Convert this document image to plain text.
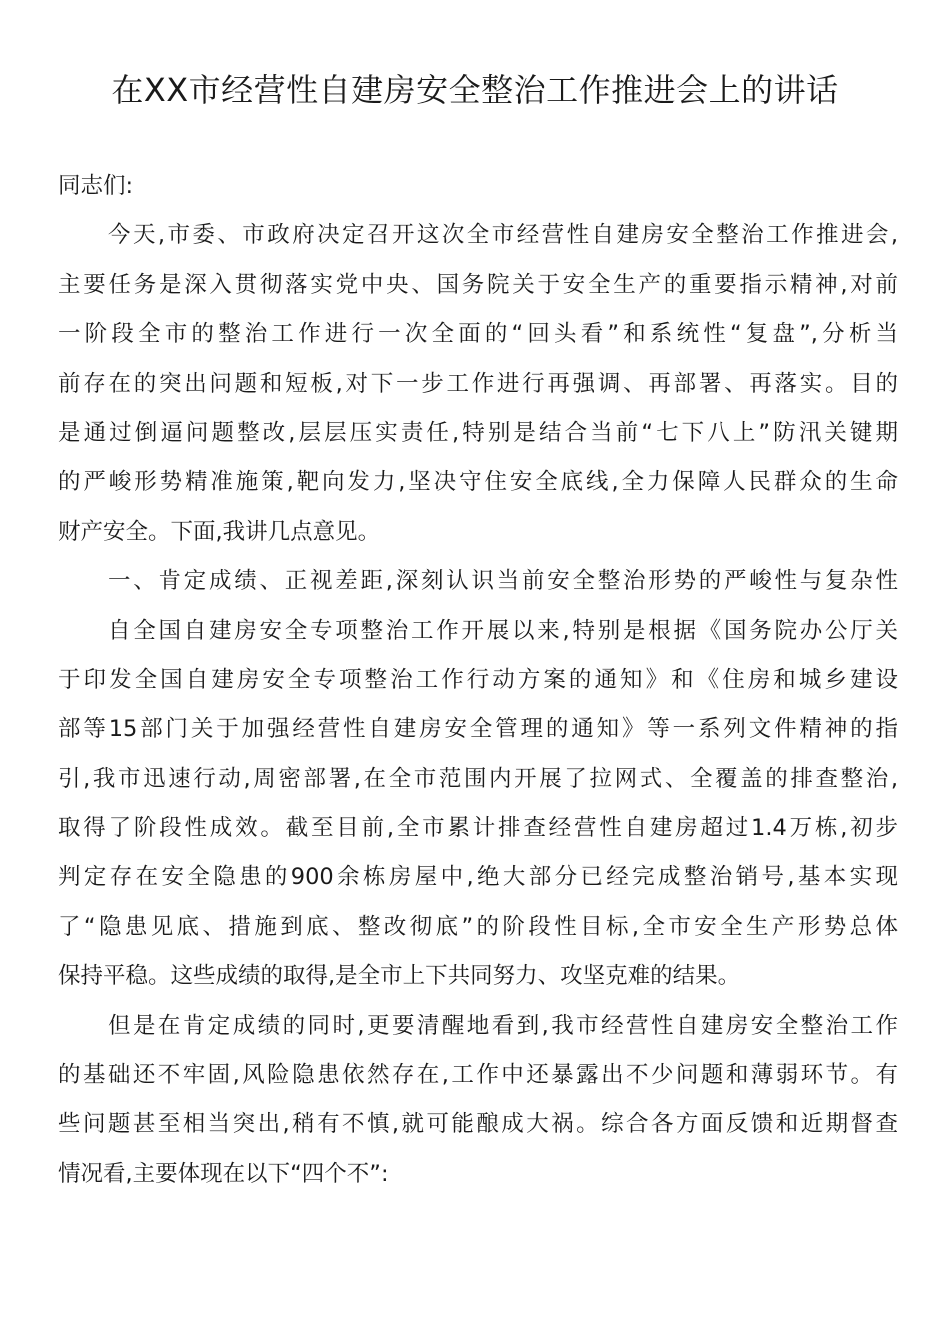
在XX市经营性自建房安全整治工作推进会上的讲话
同志们:
今天,市委、市政府决定召开这次全市经营性自建房安全整治工作推进会,
主要任务是深入贯彻落实党中央、国务院关于安全生产的重要指示精神,对前
一阶段全市的整治工作进行一次全面的“回头看”和系统性“复盘”,分析当
前存在的突出问题和短板,对下一步工作进行再强调、再部署、再落实。目的
是通过倒逼问题整改,层层压实责任,特别是结合当前“七下八上”防汛关键期
的严峻形势精准施策,靶向发力,坚决守住安全底线,全力保障人民群众的生命
财产安全。下面,我讲几点意见。
一、肯定成绩、正视差距,深刻认识当前安全整治形势的严峻性与复杂性
自全国自建房安全专项整治工作开展以来,特别是根据《国务院办公厅关
于印发全国自建房安全专项整治工作行动方案的通知》和《住房和城乡建设
部等15部门关于加强经营性自建房安全管理的通知》等一系列文件精神的指
引,我市迅速行动,周密部署,在全市范围内开展了拉网式、全覆盖的排查整治,
取得了阶段性成效。截至目前,全市累计排查经营性自建房超过1.4万栋,初步
判定存在安全隐患的900余栋房屋中,绝大部分已经完成整治销号,基本实现
了“隐患见底、措施到底、整改彻底”的阶段性目标,全市安全生产形势总体
保持平稳。这些成绩的取得,是全市上下共同努力、攻坚克难的结果。
但是在肯定成绩的同时,更要清醒地看到,我市经营性自建房安全整治工作
的基础还不牢固,风险隐患依然存在,工作中还暴露出不少问题和薄弱环节。有
些问题甚至相当突出,稍有不慎,就可能酿成大祸。综合各方面反馈和近期督查
情况看,主要体现在以下“四个不”:
